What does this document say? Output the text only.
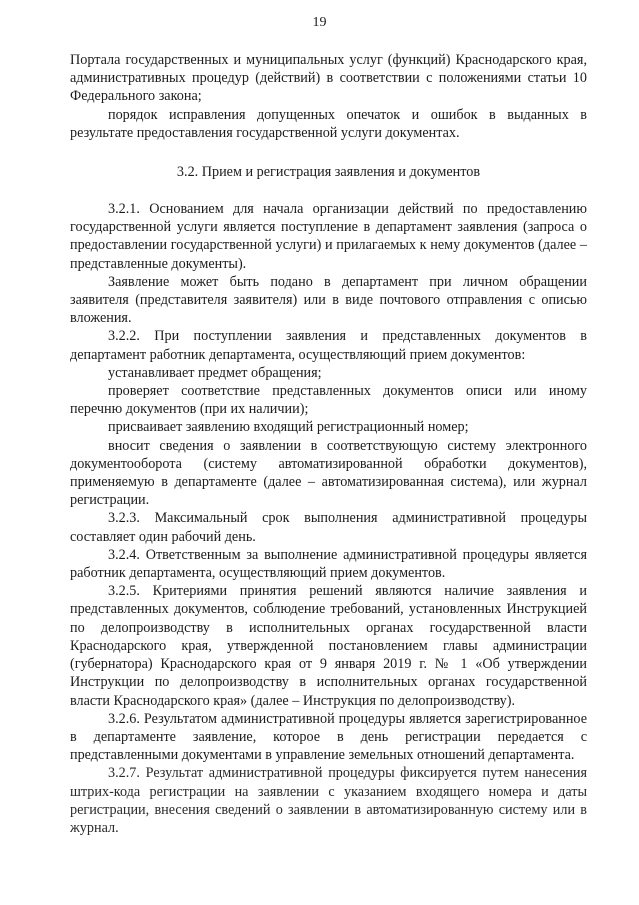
19

Портала государственных и муниципальных услуг (функций) Краснодарского края, административных процедур (действий) в соответствии с положениями статьи 10 Федерального закона;

порядок исправления допущенных опечаток и ошибок в выданных в результате предоставления государственной услуги документах.

3.2. Прием и регистрация заявления и документов

3.2.1. Основанием для начала организации действий по предоставлению государственной услуги является поступление в департамент заявления (запроса о предоставлении государственной услуги) и прилагаемых к нему документов (далее – представленные документы).

Заявление может быть подано в департамент при личном обращении заявителя (представителя заявителя) или в виде почтового отправления с описью вложения.

3.2.2. При поступлении заявления и представленных документов в департамент работник департамента, осуществляющий прием документов:

устанавливает предмет обращения;

проверяет соответствие представленных документов описи или иному перечню документов (при их наличии);

присваивает заявлению входящий регистрационный номер;

вносит сведения о заявлении в соответствующую систему электронного документооборота (систему автоматизированной обработки документов), применяемую в департаменте (далее – автоматизированная система), или журнал регистрации.

3.2.3. Максимальный срок выполнения административной процедуры составляет один рабочий день.

3.2.4. Ответственным за выполнение административной процедуры является работник департамента, осуществляющий прием документов.

3.2.5. Критериями принятия решений являются наличие заявления и представленных документов, соблюдение требований, установленных Инструкцией по делопроизводству в исполнительных органах государственной власти Краснодарского края, утвержденной постановлением главы администрации (губернатора) Краснодарского края от 9 января 2019 г. № 1 «Об утверждении Инструкции по делопроизводству в исполнительных органах государственной власти Краснодарского края» (далее – Инструкция по делопроизводству).

3.2.6. Результатом административной процедуры является зарегистрированное в департаменте заявление, которое в день регистрации передается с представленными документами в управление земельных отношений департамента.

3.2.7. Результат административной процедуры фиксируется путем нанесения штрих-кода регистрации на заявлении с указанием входящего номера и даты регистрации, внесения сведений о заявлении в автоматизированную систему или в журнал.
